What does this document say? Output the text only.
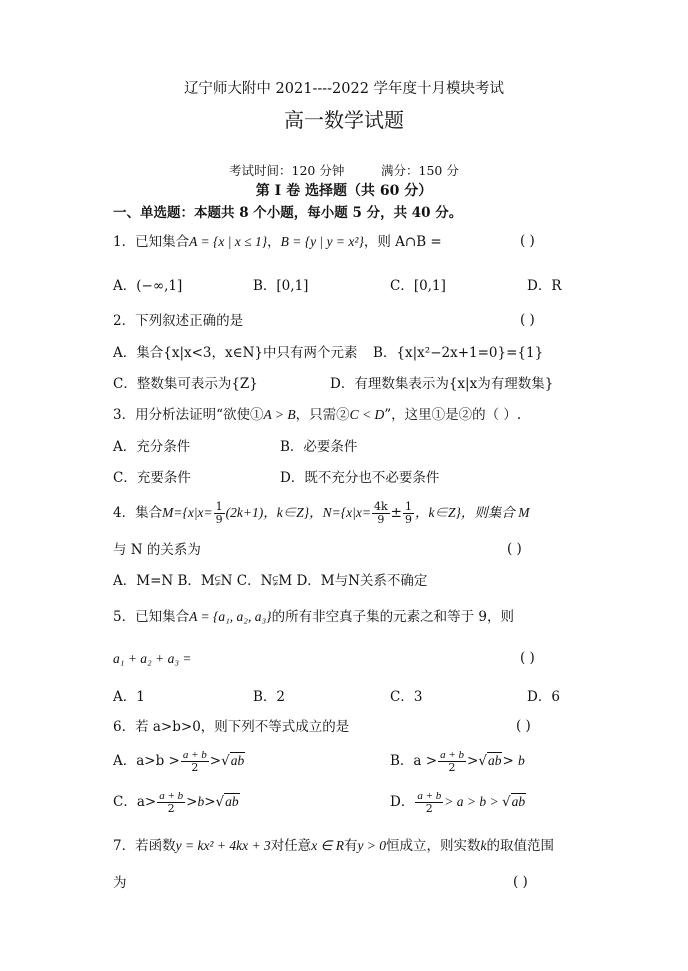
辽宁师大附中 2021----2022 学年度十月模块考试
高一数学试题
考试时间：120 分钟	满分：150 分
第 Ⅰ 卷 选择题（共 60 分）
一、单选题：本题共 8 个小题，每小题 5 分，共 40 分。
1．已知集合A = {x | x ≤ 1}，B = {y | y = x²}，则 A∩B =	( )
A．(−∞,1]	B．[0,1]	C．[0,1]	D．R
2．下列叙述正确的是	( )
A．集合{x|x<3，x∈N}中只有两个元素 B．{x|x²−2x+1=0}={1}
C．整数集可表示为{Z}	D．有理数集表示为{x|x为有理数集}
3．用分析法证明“欲使①A > B，只需②C < D”，这里①是②的（ ）.
A．充分条件	B．必要条件
C．充要条件	D．既不充分也不必要条件
4．集合$M=\{x|x= \frac{1}{9} (2k+1)$，k∈Z}，$N=\{x|x= \frac{4k}{9} \pm \frac{1}{9}$ ，k∈Z}，则集合 M
与 N 的关系为	( )
A．M=N B．M⫋N C．N⫋M D．M与N关系不确定
5．已知集合A = {a₁, a₂, a₃}的所有非空真子集的元素之和等于 9，则
a₁ + a₂ + a₃ =	( )
A．1	B．2	C．3	D．6
6．若 a>b>0，则下列不等式成立的是	( )
A．$a>b > \frac{a + b}{2} >√ab$	B．$a > \frac{a + b}{2} >√ab> b$
C．$a> \frac{a + b}{2} >b>√ab$	D． $\frac{a + b}{2} > a > b > √ab$
7．若函数y = kx² + 4kx + 3对任意x ∈ R有y > 0恒成立，则实数k的取值范围
为	( )
